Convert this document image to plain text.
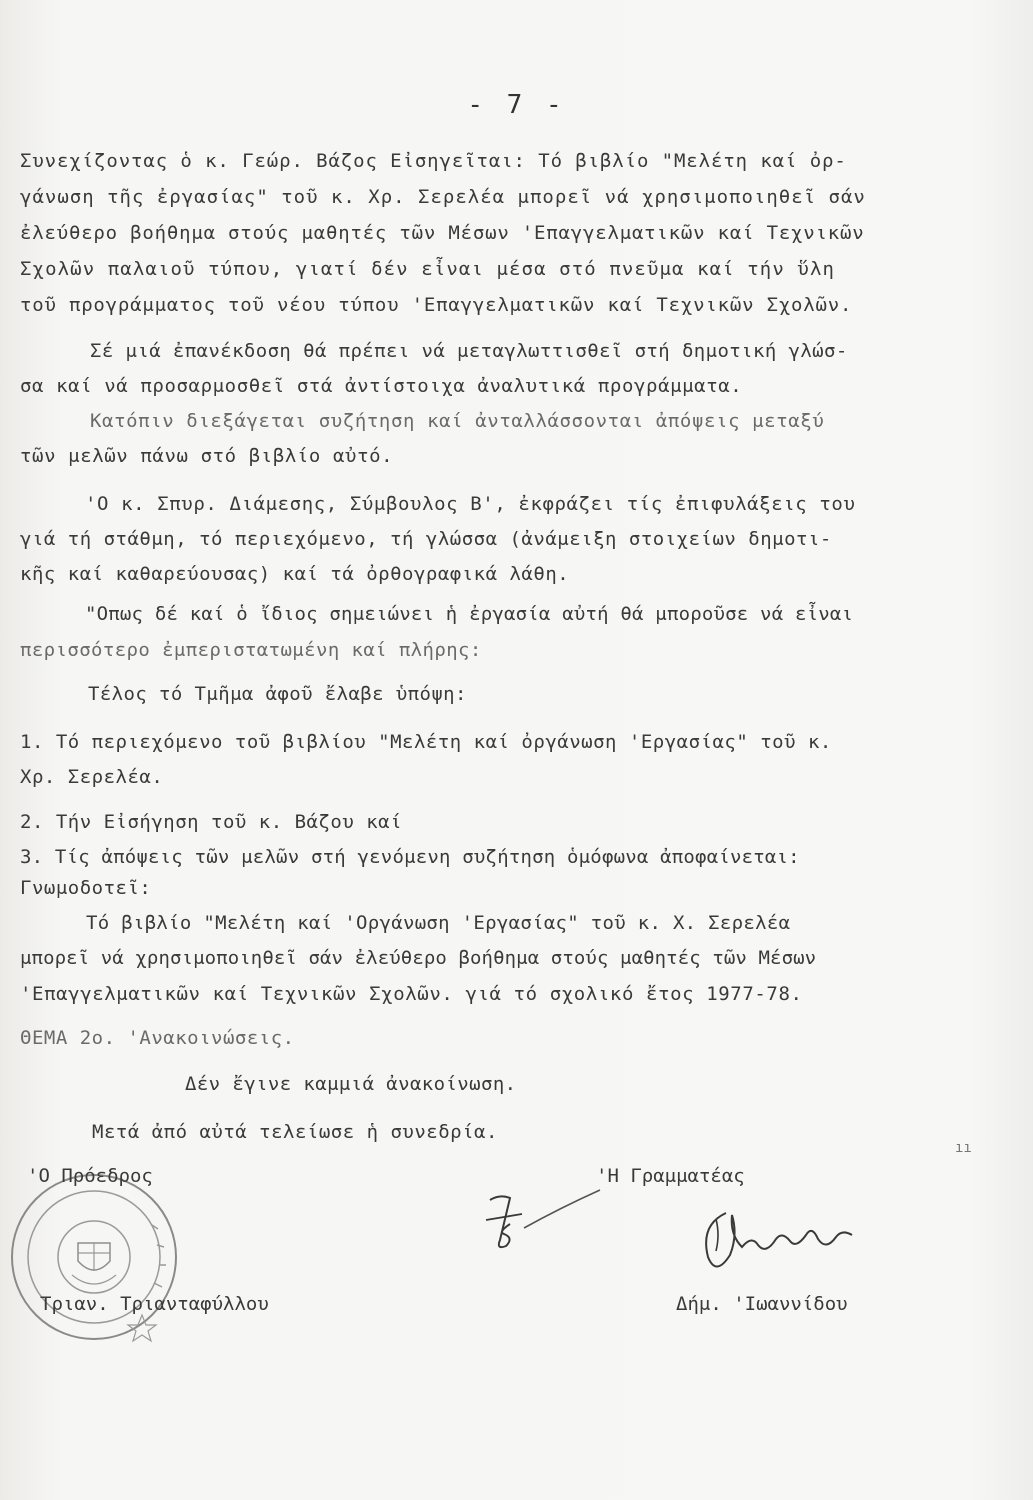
- 7 -
Συνεχίζοντας ὁ κ. Γεώρ. Βάζος Εἰσηγεῖται: Τό βιβλίο "Μελέτη καί ὀρ-
γάνωση τῆς ἐργασίας" τοῦ κ. Χρ. Σερελέα μπορεῖ νά χρησιμοποιηθεῖ σάν
ἐλεύθερο βοήθημα στούς μαθητές τῶν Μέσων 'Επαγγελματικῶν καί Τεχνικῶν
Σχολῶν παλαιοῦ τύπου, γιατί δέν εἶναι μέσα στό πνεῦμα καί τήν ὕλη
τοῦ προγράμματος τοῦ νέου τύπου 'Επαγγελματικῶν καί Τεχνικῶν Σχολῶν.
Σέ μιά ἐπανέκδοση θά πρέπει νά μεταγλωττισθεῖ στή δημοτική γλώσ-
σα καί νά προσαρμοσθεῖ στά ἀντίστοιχα ἀναλυτικά προγράμματα.
Κατόπιν διεξάγεται συζήτηση καί ἀνταλλάσσονται ἀπόψεις μεταξύ
τῶν μελῶν πάνω στό βιβλίο αὐτό.
'Ο κ. Σπυρ. Διάμεσης, Σύμβουλος Β', ἐκφράζει τίς ἐπιφυλάξεις του
γιά τή στάθμη, τό περιεχόμενο, τή γλώσσα (ἀνάμειξη στοιχείων δημοτι-
κῆς καί καθαρεύουσας) καί τά ὀρθογραφικά λάθη.
"Οπως δέ καί ὁ ἴδιος σημειώνει ἡ ἐργασία αὐτή θά μποροῦσε νά εἶναι
περισσότερο ἐμπεριστατωμένη καί πλήρης:
Τέλος τό Τμῆμα ἀφοῦ ἔλαβε ὑπόψη:
1. Τό περιεχόμενο τοῦ βιβλίου "Μελέτη καί ὀργάνωση 'Εργασίας" τοῦ κ.
Χρ. Σερελέα.
2. Τήν Εἰσήγηση τοῦ κ. Βάζου καί
3. Τίς ἀπόψεις τῶν μελῶν στή γενόμενη συζήτηση ὁμόφωνα ἀποφαίνεται:
Γνωμοδοτεῖ:
Τό βιβλίο "Μελέτη καί 'Οργάνωση 'Εργασίας" τοῦ κ. Χ. Σερελέα
μπορεῖ νά χρησιμοποιηθεῖ σάν ἐλεύθερο βοήθημα στούς μαθητές τῶν Μέσων
'Επαγγελματικῶν καί Τεχνικῶν Σχολῶν. γιά τό σχολικό ἔτος 1977-78.
ΘΕΜΑ 2ο. 'Ανακοινώσεις.
Δέν ἔγινε καμμιά ἀνακοίνωση.
Μετά ἀπό αὐτά τελείωσε ἡ συνεδρία.
ıı
'Ο Πρόεδρος
Τριαν. Τριανταφύλλου
'Η Γραμματέας
Δήμ. 'Ιωαννίδου
